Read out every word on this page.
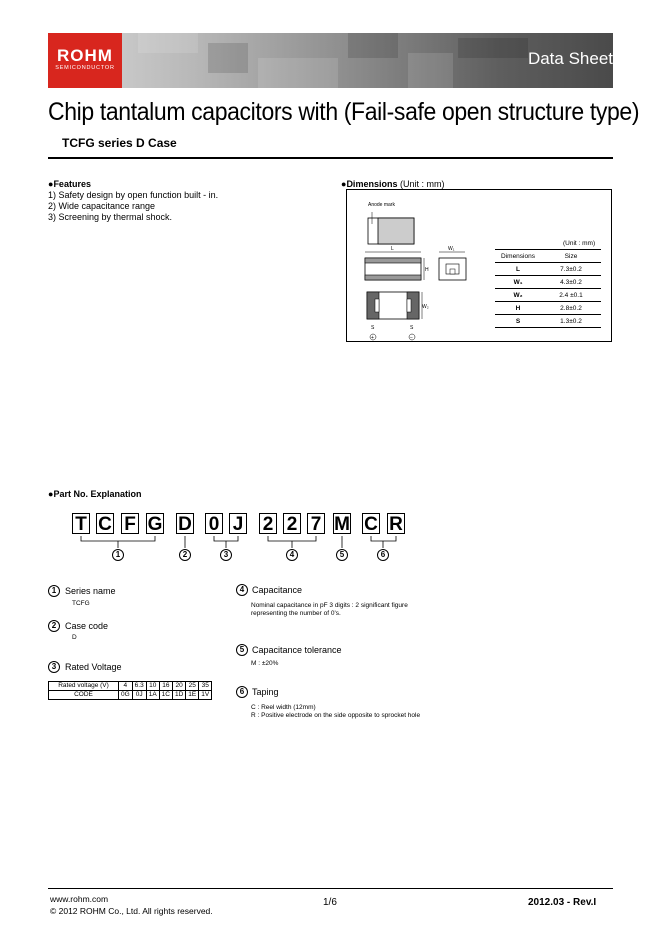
ROHM
SEMICONDUCTOR	Data Sheet
Chip tantalum capacitors with (Fail-safe open structure type)
TCFG series D Case
●Features
1) Safety design by open function built - in.
2) Wide capacitance range
3) Screening by thermal shock.
●Dimensions (Unit : mm)
Anode mark
L
H
W₂
S	S
+	−
W₁
(Unit : mm)
Dimensions	Size
L	7.3±0.2
W₁	4.3±0.2
W₂	2.4 ±0.1
H	2.8±0.2
S	1.3±0.2
●Part No. Explanation
T C F G D 0 J 2 2 7 M C R
1	2	3	4	5	6
1 Series name
TCFG
2 Case code
D
3 Rated Voltage
Rated voltage (V)	4	6.3	10	16	20	25	35
CODE	0G	0J	1A	1C	1D	1E	1V
4 Capacitance
Nominal capacitance in pF 3 digits : 2 significant figure
representing the number of 0's.
5 Capacitance tolerance
M : ±20%
6 Taping
C : Reel width (12mm)
R : Positive electrode on the side opposite to sprocket hole
www.rohm.com
© 2012 ROHM Co., Ltd. All rights reserved.
1/6	2012.03 - Rev.I
